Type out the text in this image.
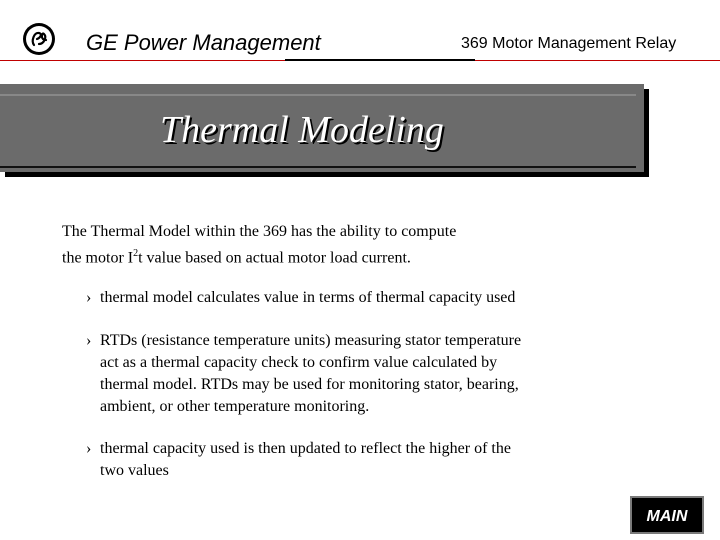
GE Power Management	369 Motor Management Relay
Thermal Modeling
The Thermal Model within the 369 has the ability to compute
the motor $I^2t$ value based on actual motor load current.
› thermal model calculates value in terms of thermal capacity used
› RTDs (resistance temperature units) measuring stator temperature
act as a thermal capacity check to confirm value calculated by
thermal model. RTDs may be used for monitoring stator, bearing,
ambient, or other temperature monitoring.
› thermal capacity used is then updated to reflect the higher of the
two values
MAIN
